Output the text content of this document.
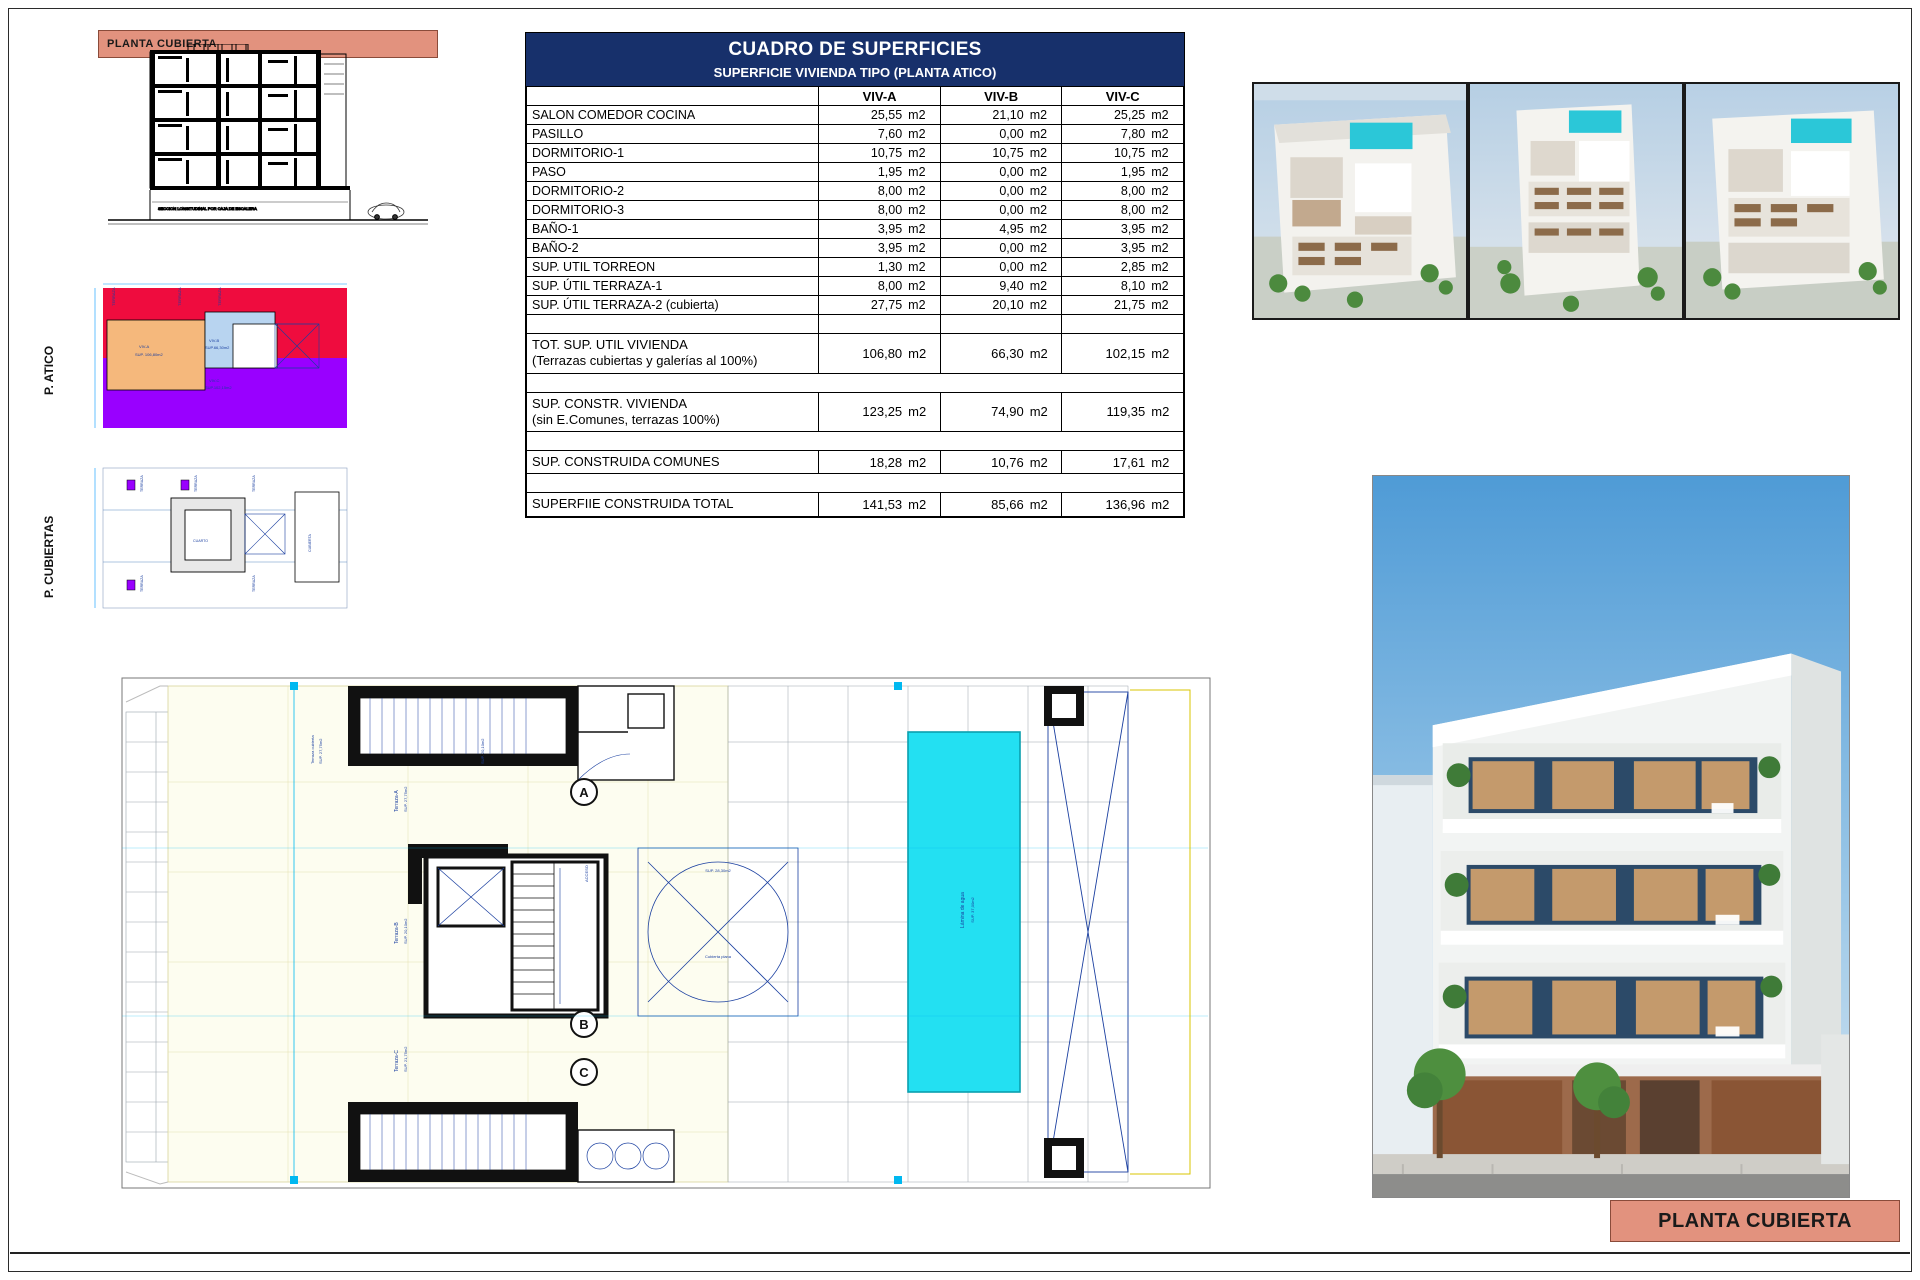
PLANTA CUBIERTA
SECCION LONGITUDINAL POR CAJA DE ESCALERA
P. ATICO	VIV-A
SUP. 106,80m2
VIV-B
SUP.66,30m2
VIV-C
SUP.102,15m2
TERRAZA	TERRAZA	TERRAZA
P. CUBIERTAS
TERRAZA
TERRAZA
TERRAZA	TERRAZA
TERRAZA
CUBIERTA
CUARTO
CUADRO DE SUPERFICIES
SUPERFICIE VIVIENDA TIPO (PLANTA ATICO)
	VIV-A		VIV-B		VIV-C	
SALON COMEDOR COCINA	25,55	m2	21,10	m2	25,25	m2
PASILLO	7,60	m2	0,00	m2	7,80	m2
DORMITORIO-1	10,75	m2	10,75	m2	10,75	m2
PASO	1,95	m2	0,00	m2	1,95	m2
DORMITORIO-2	8,00	m2	0,00	m2	8,00	m2
DORMITORIO-3	8,00	m2	0,00	m2	8,00	m2
BAÑO-1	3,95	m2	4,95	m2	3,95	m2
BAÑO-2	3,95	m2	0,00	m2	3,95	m2
SUP. UTIL TORREON	1,30	m2	0,00	m2	2,85	m2
SUP. ÚTIL TERRAZA-1	8,00	m2	9,40	m2	8,10	m2
SUP. ÚTIL TERRAZA-2 (cubierta)	27,75	m2	20,10	m2	21,75	m2

TOT. SUP. UTIL VIVIENDA
(Terrazas cubiertas y galerías al 100%)	106,80	m2	66,30	m2	102,15	m2

SUP. CONSTR. VIVIENDA
(sin E.Comunes, terrazas 100%)	123,25	m2	74,90	m2	119,35	m2

SUP. CONSTRUIDA COMUNES	18,28	m2	10,76	m2	17,61	m2

SUPERFIIE CONSTRUIDA TOTAL	141,53	m2	85,66	m2	136,96	m2
Lámina de agua SUP. 37,00m2
SUP. 28,30m2
Cubierta plana
A
B
C
Terraza-A SUP. 27,75m2
Terraza-B SUP. 20,10m2
Terraza-C SUP. 21,75m2
Terraza cubierta SUP. 27,75m2
ACCESO
SUP. 20,10m2
PLANTA CUBIERTA
